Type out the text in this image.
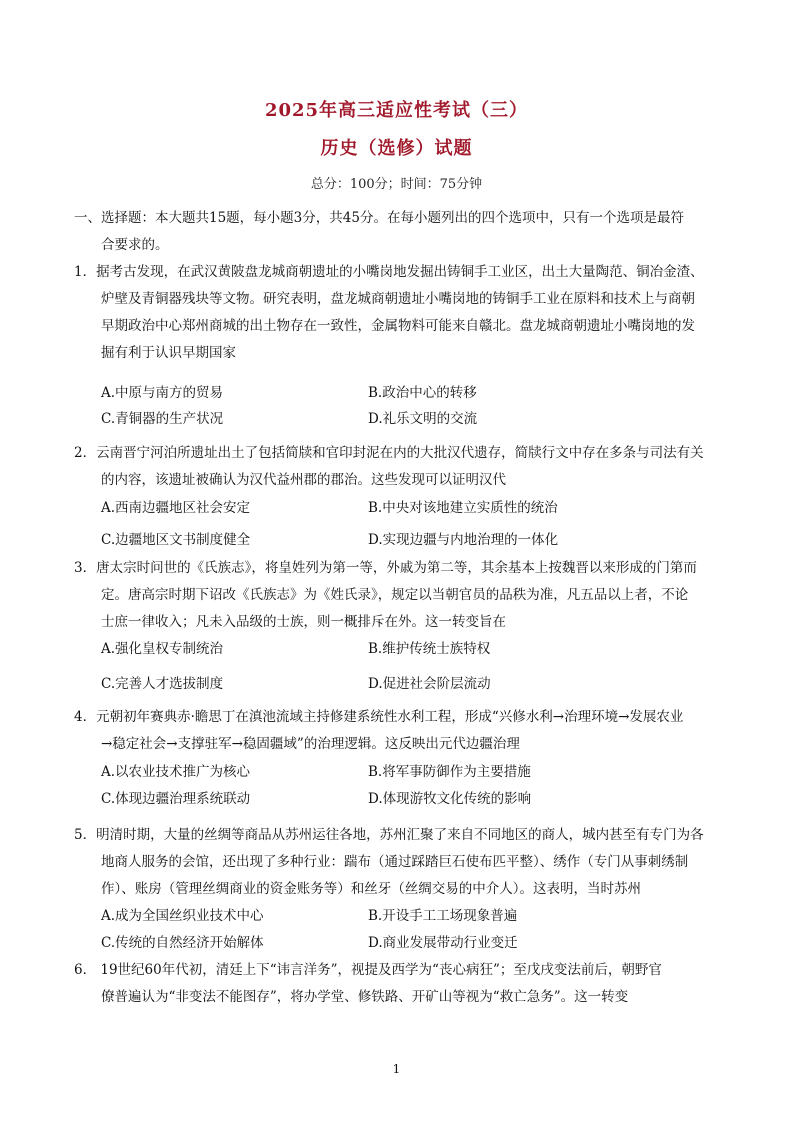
2025年高三适应性考试（三）
历史（选修）试题
总分：100分；时间：75分钟
一、选择题：本大题共15题，每小题3分，共45分。在每小题列出的四个选项中，只有一个选项是最符
合要求的。
1．据考古发现，在武汉黄陂盘龙城商朝遗址的小嘴岗地发掘出铸铜手工业区，出土大量陶范、铜冶金渣、
炉壁及青铜器残块等文物。研究表明，盘龙城商朝遗址小嘴岗地的铸铜手工业在原料和技术上与商朝
早期政治中心郑州商城的出土物存在一致性，金属物料可能来自赣北。盘龙城商朝遗址小嘴岗地的发
掘有利于认识早期国家
A.中原与南方的贸易	B.政治中心的转移
C.青铜器的生产状况	D.礼乐文明的交流
2．云南晋宁河泊所遗址出土了包括简牍和官印封泥在内的大批汉代遗存，简牍行文中存在多条与司法有关
的内容，该遗址被确认为汉代益州郡的郡治。这些发现可以证明汉代
A.西南边疆地区社会安定	B.中央对该地建立实质性的统治
C.边疆地区文书制度健全	D.实现边疆与内地治理的一体化
3．唐太宗时问世的《氏族志》，将皇姓列为第一等，外戚为第二等，其余基本上按魏晋以来形成的门第而
定。唐高宗时期下诏改《氏族志》为《姓氏录》，规定以当朝官员的品秩为准，凡五品以上者，不论
士庶一律收入；凡未入品级的士族，则一概排斥在外。这一转变旨在
A.强化皇权专制统治	B.维护传统士族特权
C.完善人才选拔制度	D.促进社会阶层流动
4．元朝初年赛典赤·瞻思丁在滇池流域主持修建系统性水利工程，形成“兴修水利→治理环境→发展农业
→稳定社会→支撑驻军→稳固疆域”的治理逻辑。这反映出元代边疆治理
A.以农业技术推广为核心	B.将军事防御作为主要措施
C.体现边疆治理系统联动	D.体现游牧文化传统的影响
5．明清时期，大量的丝绸等商品从苏州运往各地，苏州汇聚了来自不同地区的商人，城内甚至有专门为各
地商人服务的会馆，还出现了多种行业：踹布（通过踩踏巨石使布匹平整）、绣作（专门从事刺绣制
作）、账房（管理丝绸商业的资金账务等）和丝牙（丝绸交易的中介人）。这表明，当时苏州
A.成为全国丝织业技术中心	B.开设手工工场现象普遍
C.传统的自然经济开始解体	D.商业发展带动行业变迁
6． 19世纪60年代初，清廷上下“讳言洋务”，视提及西学为“丧心病狂”；至戊戌变法前后，朝野官
僚普遍认为“非变法不能图存”，将办学堂、修铁路、开矿山等视为“救亡急务”。这一转变
1
